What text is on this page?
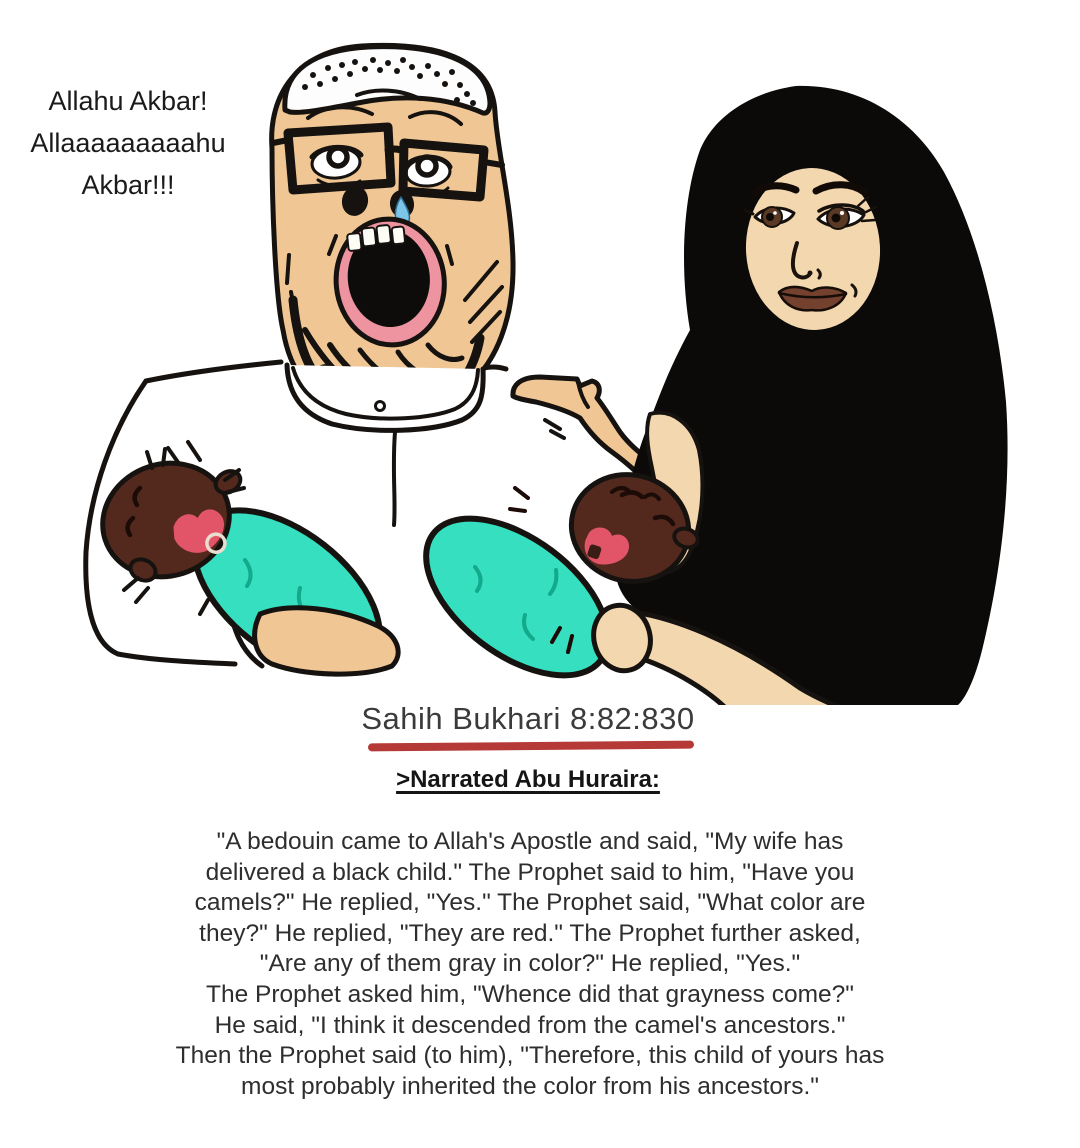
Allahu Akbar!
Allaaaaaaaaahu
Akbar!!!
Sahih Bukhari 8:82:830
>Narrated Abu Huraira:
"A bedouin came to Allah's Apostle and said, "My wife has
delivered a black child." The Prophet said to him, "Have you
camels?" He replied, "Yes." The Prophet said, "What color are
they?" He replied, "They are red." The Prophet further asked,
"Are any of them gray in color?" He replied, "Yes."
The Prophet asked him, "Whence did that grayness come?"
He said, "I think it descended from the camel's ancestors."
Then the Prophet said (to him), "Therefore, this child of yours has
most probably inherited the color from his ancestors."
